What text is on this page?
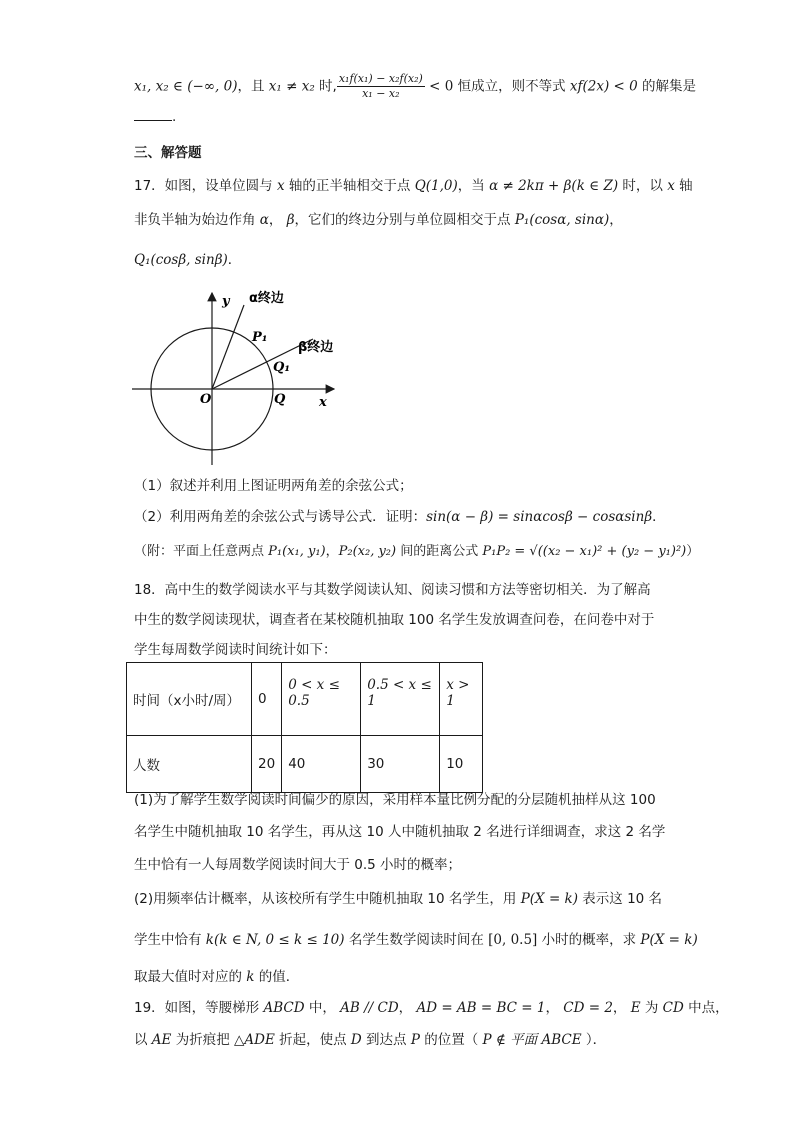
x₁, x₂ ∈ (−∞, 0)，且 x₁ ≠ x₂ 时, $\frac{\text{x₁f(x₁) − x₂f(x₂)}}{\text{x₁ − x₂}} < 0$ 恒成立，则不等式 xf(2x) < 0 的解集是
.
三、解答题
17．如图，设单位圆与 x 轴的正半轴相交于点 Q(1,0)，当 α ≠ 2kπ + β(k ∈ Z) 时，以 x 轴
非负半轴为始边作角 α， β，它们的终边分别与单位圆相交于点 P₁(cosα, sinα)，
Q₁(cosβ, sinβ)．
y
x
O	Q
α终边
β终边
P₁
Q₁
（1）叙述并利用上图证明两角差的余弦公式；
（2）利用两角差的余弦公式与诱导公式．证明：sin(α − β) = sinαcosβ − cosαsinβ．
（附：平面上任意两点 P₁(x₁, y₁)，P₂(x₂, y₂) 间的距离公式 P₁P₂ = √((x₂ − x₁)² + (y₂ − y₁)²)）
18．高中生的数学阅读水平与其数学阅读认知、阅读习惯和方法等密切相关．为了解高
中生的数学阅读现状，调查者在某校随机抽取 100 名学生发放调查问卷，在问卷中对于
学生每周数学阅读时间统计如下：
时间（x小时/周）	0	0 < x ≤ 0.5	0.5 < x ≤ 1	x > 1
人数	20	40	30	10
(1)为了解学生数学阅读时间偏少的原因，采用样本量比例分配的分层随机抽样从这 100
名学生中随机抽取 10 名学生，再从这 10 人中随机抽取 2 名进行详细调查，求这 2 名学
生中恰有一人每周数学阅读时间大于 0.5 小时的概率；
(2)用频率估计概率，从该校所有学生中随机抽取 10 名学生，用 P(X = k) 表示这 10 名
学生中恰有 k(k ∈ N, 0 ≤ k ≤ 10) 名学生数学阅读时间在 [0, 0.5] 小时的概率，求 P(X = k)
取最大值时对应的 k 的值．
19．如图，等腰梯形 ABCD 中， AB // CD， AD = AB = BC = 1， CD = 2， E 为 CD 中点，
以 AE 为折痕把 △ADE 折起，使点 D 到达点 P 的位置（ P ∉ 平面 ABCE ）．
